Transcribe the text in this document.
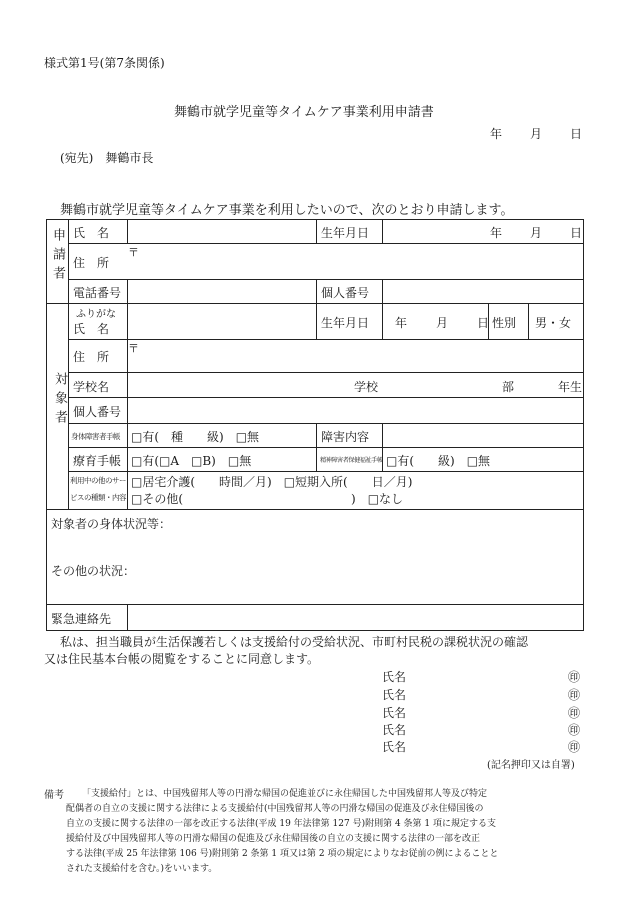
様式第1号(第7条関係)
舞鶴市就学児童等タイムケア事業利用申請書
年 月 日
(宛先)　舞鶴市長
舞鶴市就学児童等タイムケア事業を利用したいので、次のとおり申請します。
申請者 氏　名	生年月日	年 月 日
住　所
〒
電話番号	個人番号
対象者
ふりがな
氏　名	生年月日 年 月 日 性別 男・女
住　所
〒
学校名	学校	部	年生
個人番号
身体障害者手帳 □有(　種　　級)　□無	障害内容
療育手帳 □有(□A　□B)　□無	精神障害者保健福祉手帳 □有(　　級)　□無
利用中の他のサー
ビスの種類・内容
□居宅介護(　　時間／月)　□短期入所(　　日／月)
□その他(　　　　　　　　　　　　　　)　□なし
対象者の身体状況等：
その他の状況：
緊急連絡先
私は、担当職員が生活保護若しくは支援給付の受給状況、市町村民税の課税状況の確認
又は住民基本台帳の閲覧をすることに同意します。
氏名	㊞
氏名	㊞
氏名	㊞
氏名	㊞
氏名	㊞
(記名押印又は自署)
備考 「支援給付」とは、中国残留邦人等の円滑な帰国の促進並びに永住帰国した中国残留邦人等及び特定
配偶者の自立の支援に関する法律による支援給付(中国残留邦人等の円滑な帰国の促進及び永住帰国後の
自立の支援に関する法律の一部を改正する法律(平成 19 年法律第 127 号)附則第 4 条第 1 項に規定する支
援給付及び中国残留邦人等の円滑な帰国の促進及び永住帰国後の自立の支援に関する法律の一部を改正
する法律(平成 25 年法律第 106 号)附則第 2 条第 1 項又は第 2 項の規定によりなお従前の例によることと
された支援給付を含む。)をいいます。
